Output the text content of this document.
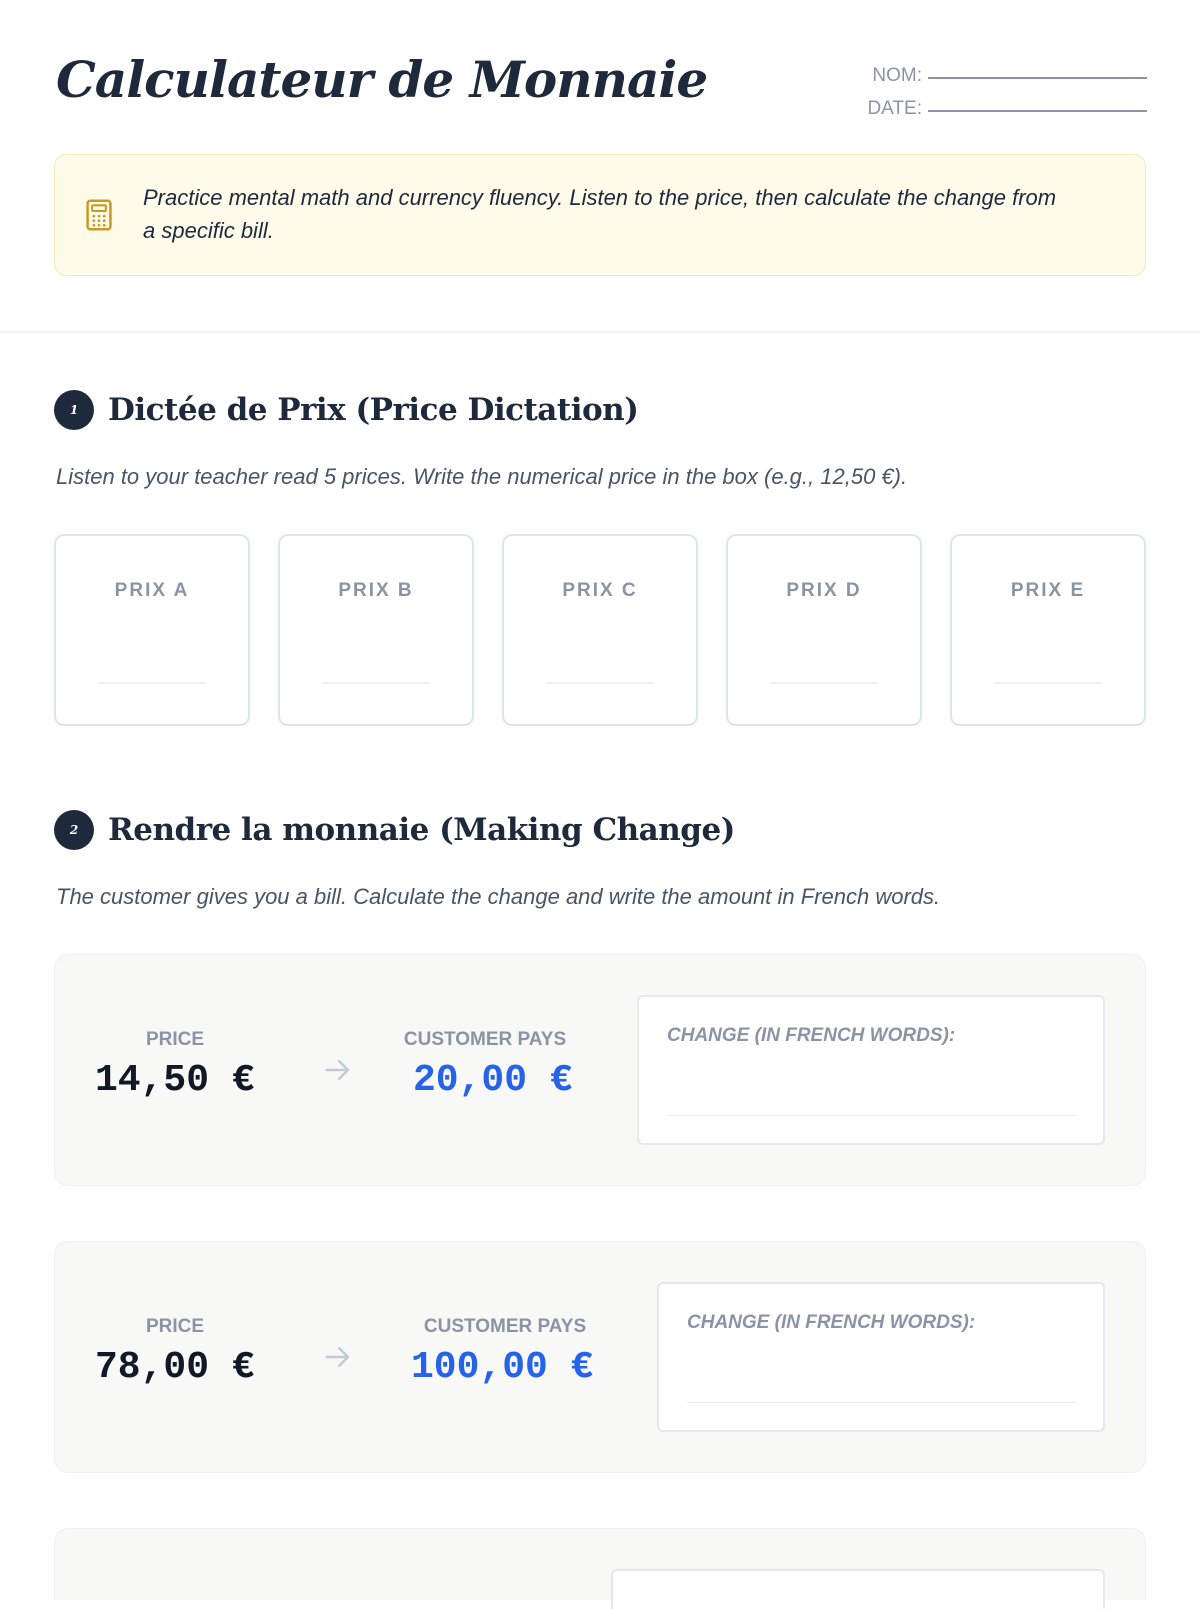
Calculateur de Monnaie	NOM:
DATE:
Practice mental math and currency fluency. Listen to the price, then calculate the change from a specific bill.
1 Dictée de Prix (Price Dictation)
Listen to your teacher read 5 prices. Write the numerical price in the box (e.g., 12,50 €).
PRIX A	PRIX B	PRIX C	PRIX D	PRIX E
2 Rendre la monnaie (Making Change)
The customer gives you a bill. Calculate the change and write the amount in French words.
PRICE
14,50 €
CUSTOMER PAYS
20,00 €
CHANGE (IN FRENCH WORDS):
PRICE
78,00 €
CUSTOMER PAYS
100,00 €
CHANGE (IN FRENCH WORDS):
